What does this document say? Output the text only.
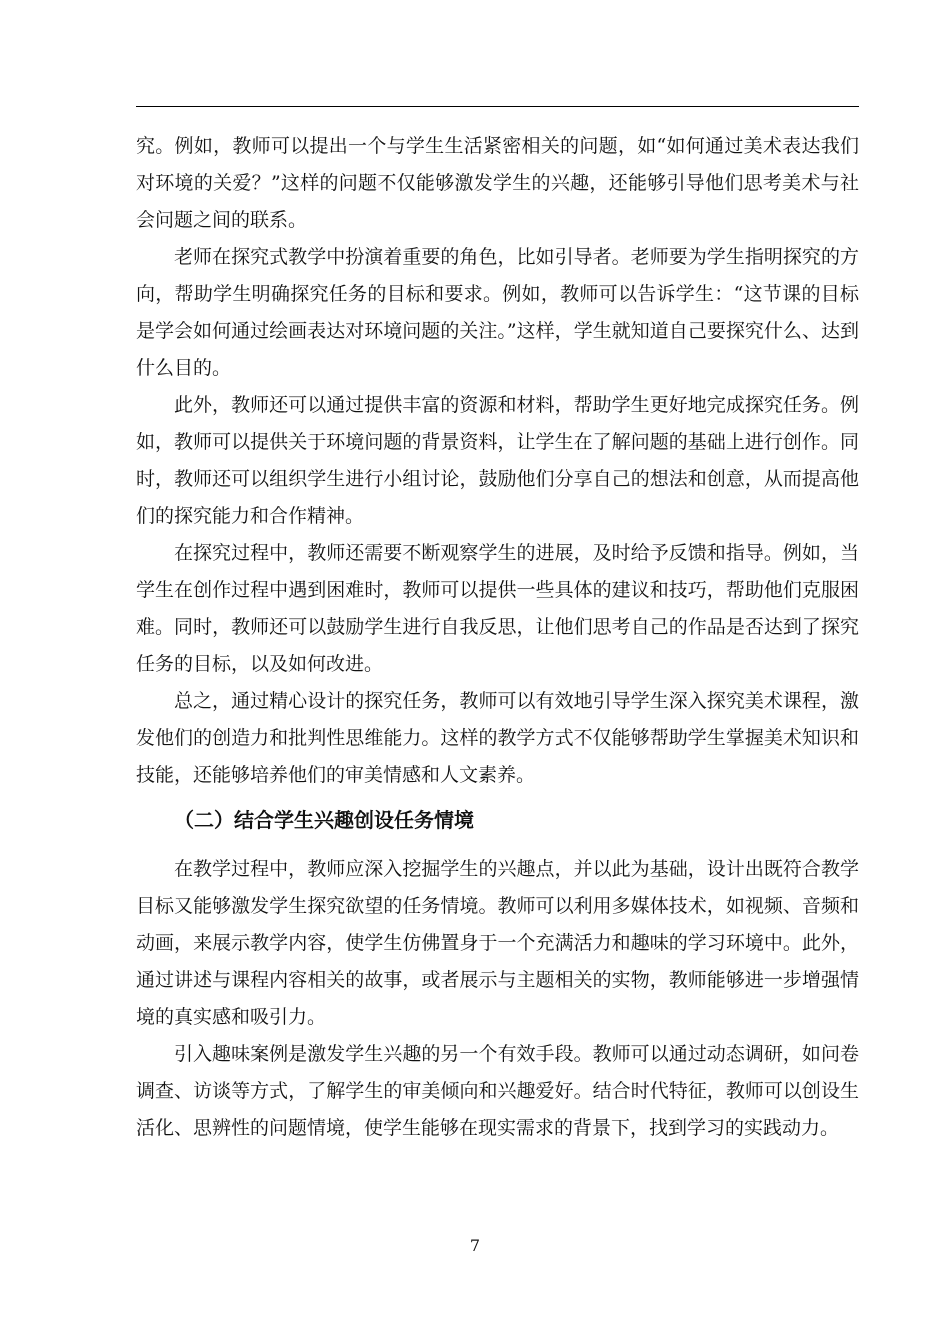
究。例如，教师可以提出一个与学生生活紧密相关的问题，如“如何通过美术表达我们对环境的关爱？”这样的问题不仅能够激发学生的兴趣，还能够引导他们思考美术与社会问题之间的联系。

老师在探究式教学中扮演着重要的角色，比如引导者。老师要为学生指明探究的方向，帮助学生明确探究任务的目标和要求。例如，教师可以告诉学生：“这节课的目标是学会如何通过绘画表达对环境问题的关注。”这样，学生就知道自己要探究什么、达到什么目的。

此外，教师还可以通过提供丰富的资源和材料，帮助学生更好地完成探究任务。例如，教师可以提供关于环境问题的背景资料，让学生在了解问题的基础上进行创作。同时，教师还可以组织学生进行小组讨论，鼓励他们分享自己的想法和创意，从而提高他们的探究能力和合作精神。

在探究过程中，教师还需要不断观察学生的进展，及时给予反馈和指导。例如，当学生在创作过程中遇到困难时，教师可以提供一些具体的建议和技巧，帮助他们克服困难。同时，教师还可以鼓励学生进行自我反思，让他们思考自己的作品是否达到了探究任务的目标，以及如何改进。

总之，通过精心设计的探究任务，教师可以有效地引导学生深入探究美术课程，激发他们的创造力和批判性思维能力。这样的教学方式不仅能够帮助学生掌握美术知识和技能，还能够培养他们的审美情感和人文素养。

（二）结合学生兴趣创设任务情境

在教学过程中，教师应深入挖掘学生的兴趣点，并以此为基础，设计出既符合教学目标又能够激发学生探究欲望的任务情境。教师可以利用多媒体技术，如视频、音频和动画，来展示教学内容，使学生仿佛置身于一个充满活力和趣味的学习环境中。此外，通过讲述与课程内容相关的故事，或者展示与主题相关的实物，教师能够进一步增强情境的真实感和吸引力。

引入趣味案例是激发学生兴趣的另一个有效手段。教师可以通过动态调研，如问卷调查、访谈等方式，了解学生的审美倾向和兴趣爱好。结合时代特征，教师可以创设生活化、思辨性的问题情境，使学生能够在现实需求的背景下，找到学习的实践动力。

7
